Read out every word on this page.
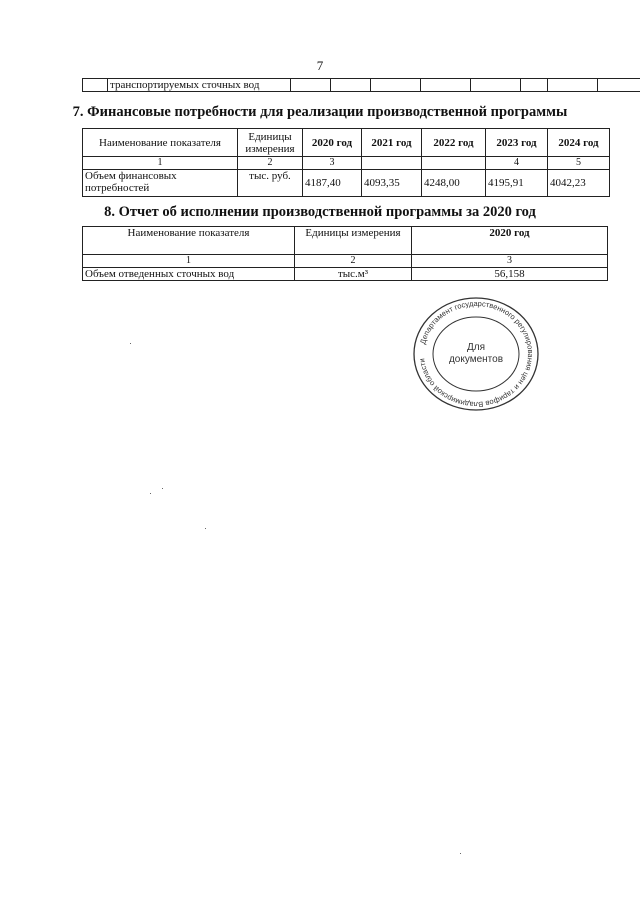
7
	транспортируемых сточных вод								
7. Финансовые потребности для реализации производственной программы
Наименование показателя	Единицы измерения	2020 год	2021 год	2022 год	2023 год	2024 год
1	2	3			4	5
Объем финансовых потребностей	тыс. руб.	4187,40	4093,35	4248,00	4195,91	4042,23
8. Отчет об исполнении производственной программы за 2020 год
Наименование показателя	Единицы измерения	2020 год
1	2	3
Объем отведенных сточных вод	тыс.м³	56,158
Департамент государственного регулирования цен и тарифов Владимирской области
Для
документов
